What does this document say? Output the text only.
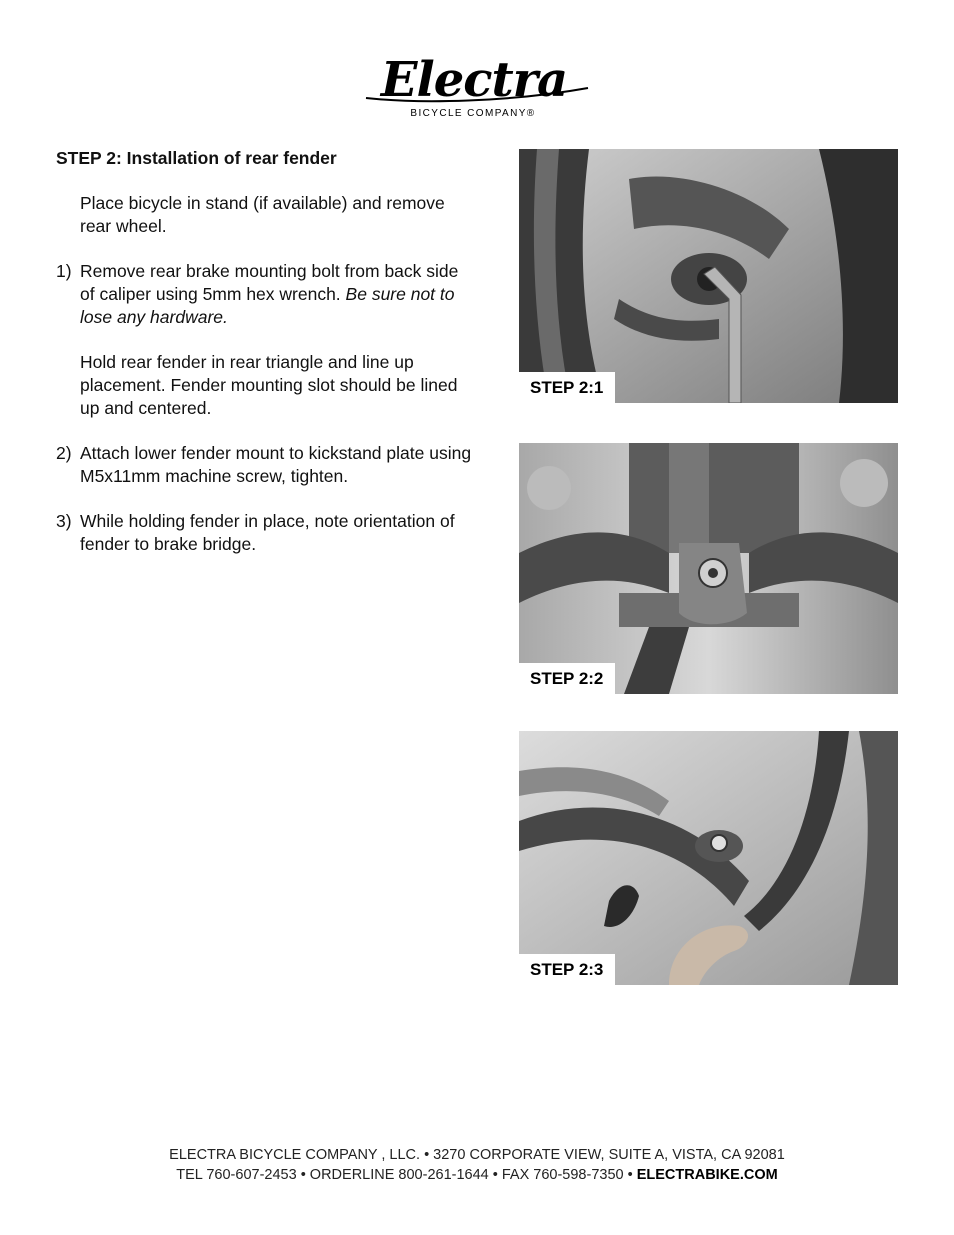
Electra
BICYCLE COMPANY®
STEP 2: Installation of rear fender
Place bicycle in stand (if available) and remove rear wheel.
1) Remove rear brake mounting bolt from back side of caliper using 5mm hex wrench. Be sure not to lose any hardware.
Hold rear fender in rear triangle and line up placement. Fender mounting slot should be lined up and centered.
2) Attach lower fender mount to kickstand plate using M5x11mm machine screw, tighten.
3) While holding fender in place, note orientation of fender to brake bridge.
STEP 2:1
STEP 2:2
STEP 2:3
ELECTRA BICYCLE COMPANY , LLC. • 3270 CORPORATE VIEW, SUITE A, VISTA, CA 92081
TEL 760-607-2453 • ORDERLINE 800-261-1644 • FAX 760-598-7350 • ELECTRABIKE.COM
